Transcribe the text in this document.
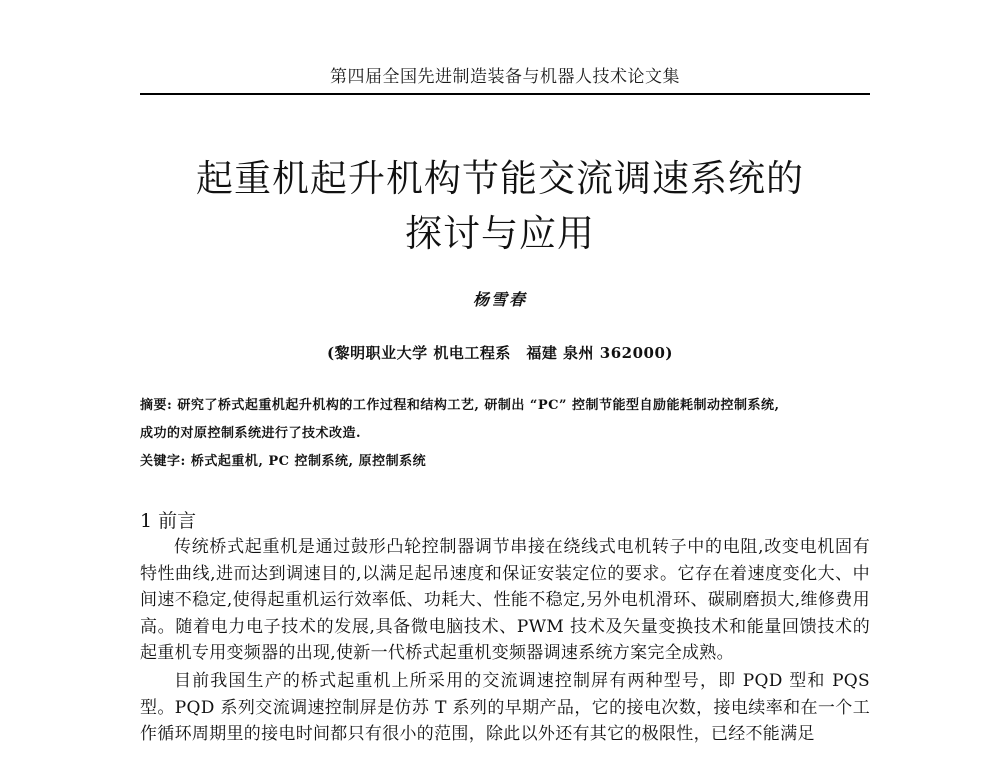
第四届全国先进制造装备与机器人技术论文集
起重机起升机构节能交流调速系统的
探讨与应用
杨雪春
(黎明职业大学 机电工程系　福建 泉州 362000)
摘要: 研究了桥式起重机起升机构的工作过程和结构工艺, 研制出 “PC” 控制节能型自励能耗制动控制系统,
成功的对原控制系统进行了技术改造.
关键字: 桥式起重机, PC 控制系统, 原控制系统
1 前言
传统桥式起重机是通过鼓形凸轮控制器调节串接在绕线式电机转子中的电阻,改变电机固有特性曲线,进而达到调速目的,以满足起吊速度和保证安装定位的要求。它存在着速度变化大、中间速不稳定,使得起重机运行效率低、功耗大、性能不稳定,另外电机滑环、碳刷磨损大,维修费用高。随着电力电子技术的发展,具备微电脑技术、PWM 技术及矢量变换技术和能量回馈技术的起重机专用变频器的出现,使新一代桥式起重机变频器调速系统方案完全成熟。
目前我国生产的桥式起重机上所采用的交流调速控制屏有两种型号，即 PQD 型和 PQS 型。PQD 系列交流调速控制屏是仿苏 T 系列的早期产品，它的接电次数，接电续率和在一个工作循环周期里的接电时间都只有很小的范围，除此以外还有其它的极限性，已经不能满足
